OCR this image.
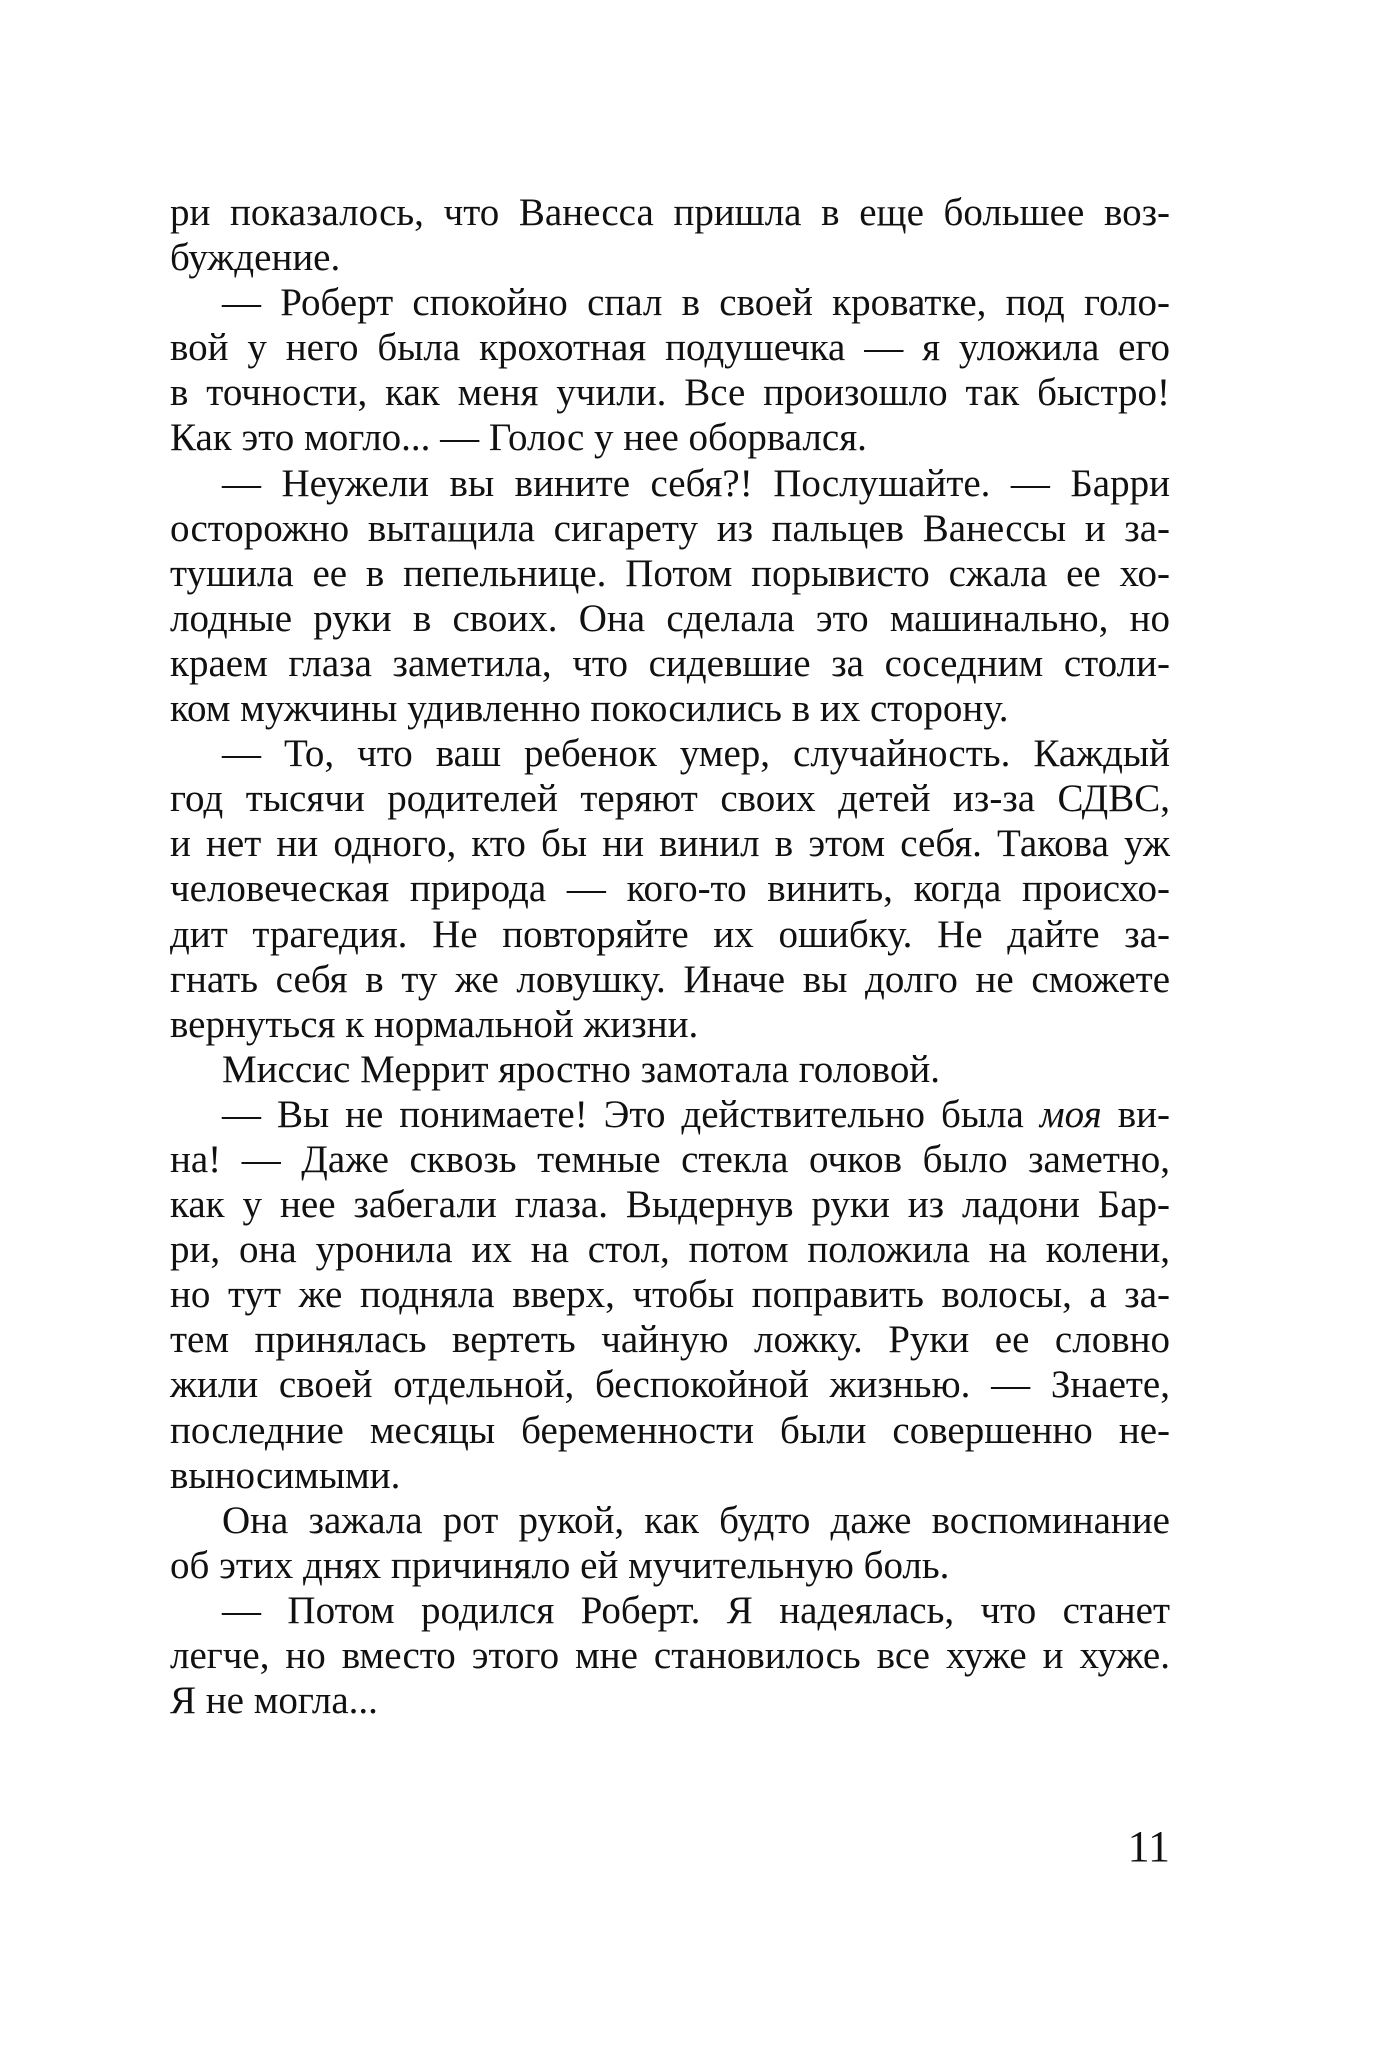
ри показалось, что Ванесса пришла в еще большее воз-
буждение.
— Роберт спокойно спал в своей кроватке, под голо-
вой у него была крохотная подушечка — я уложила его
в точности, как меня учили. Все произошло так быстро!
Как это могло... — Голос у нее оборвался.
— Неужели вы вините себя?! Послушайте. — Барри
осторожно вытащила сигарету из пальцев Ванессы и за-
тушила ее в пепельнице. Потом порывисто сжала ее хо-
лодные руки в своих. Она сделала это машинально, но
краем глаза заметила, что сидевшие за соседним столи-
ком мужчины удивленно покосились в их сторону.
— То, что ваш ребенок умер, случайность. Каждый
год тысячи родителей теряют своих детей из-за СДВС,
и нет ни одного, кто бы ни винил в этом себя. Такова уж
человеческая природа — кого-то винить, когда происхо-
дит трагедия. Не повторяйте их ошибку. Не дайте за-
гнать себя в ту же ловушку. Иначе вы долго не сможете
вернуться к нормальной жизни.
Миссис Меррит яростно замотала головой.
— Вы не понимаете! Это действительно была моя ви-
на! — Даже сквозь темные стекла очков было заметно,
как у нее забегали глаза. Выдернув руки из ладони Бар-
ри, она уронила их на стол, потом положила на колени,
но тут же подняла вверх, чтобы поправить волосы, а за-
тем принялась вертеть чайную ложку. Руки ее словно
жили своей отдельной, беспокойной жизнью. — Знаете,
последние месяцы беременности были совершенно не-
выносимыми.
Она зажала рот рукой, как будто даже воспоминание
об этих днях причиняло ей мучительную боль.
— Потом родился Роберт. Я надеялась, что станет
легче, но вместо этого мне становилось все хуже и хуже.
Я не могла...
11
